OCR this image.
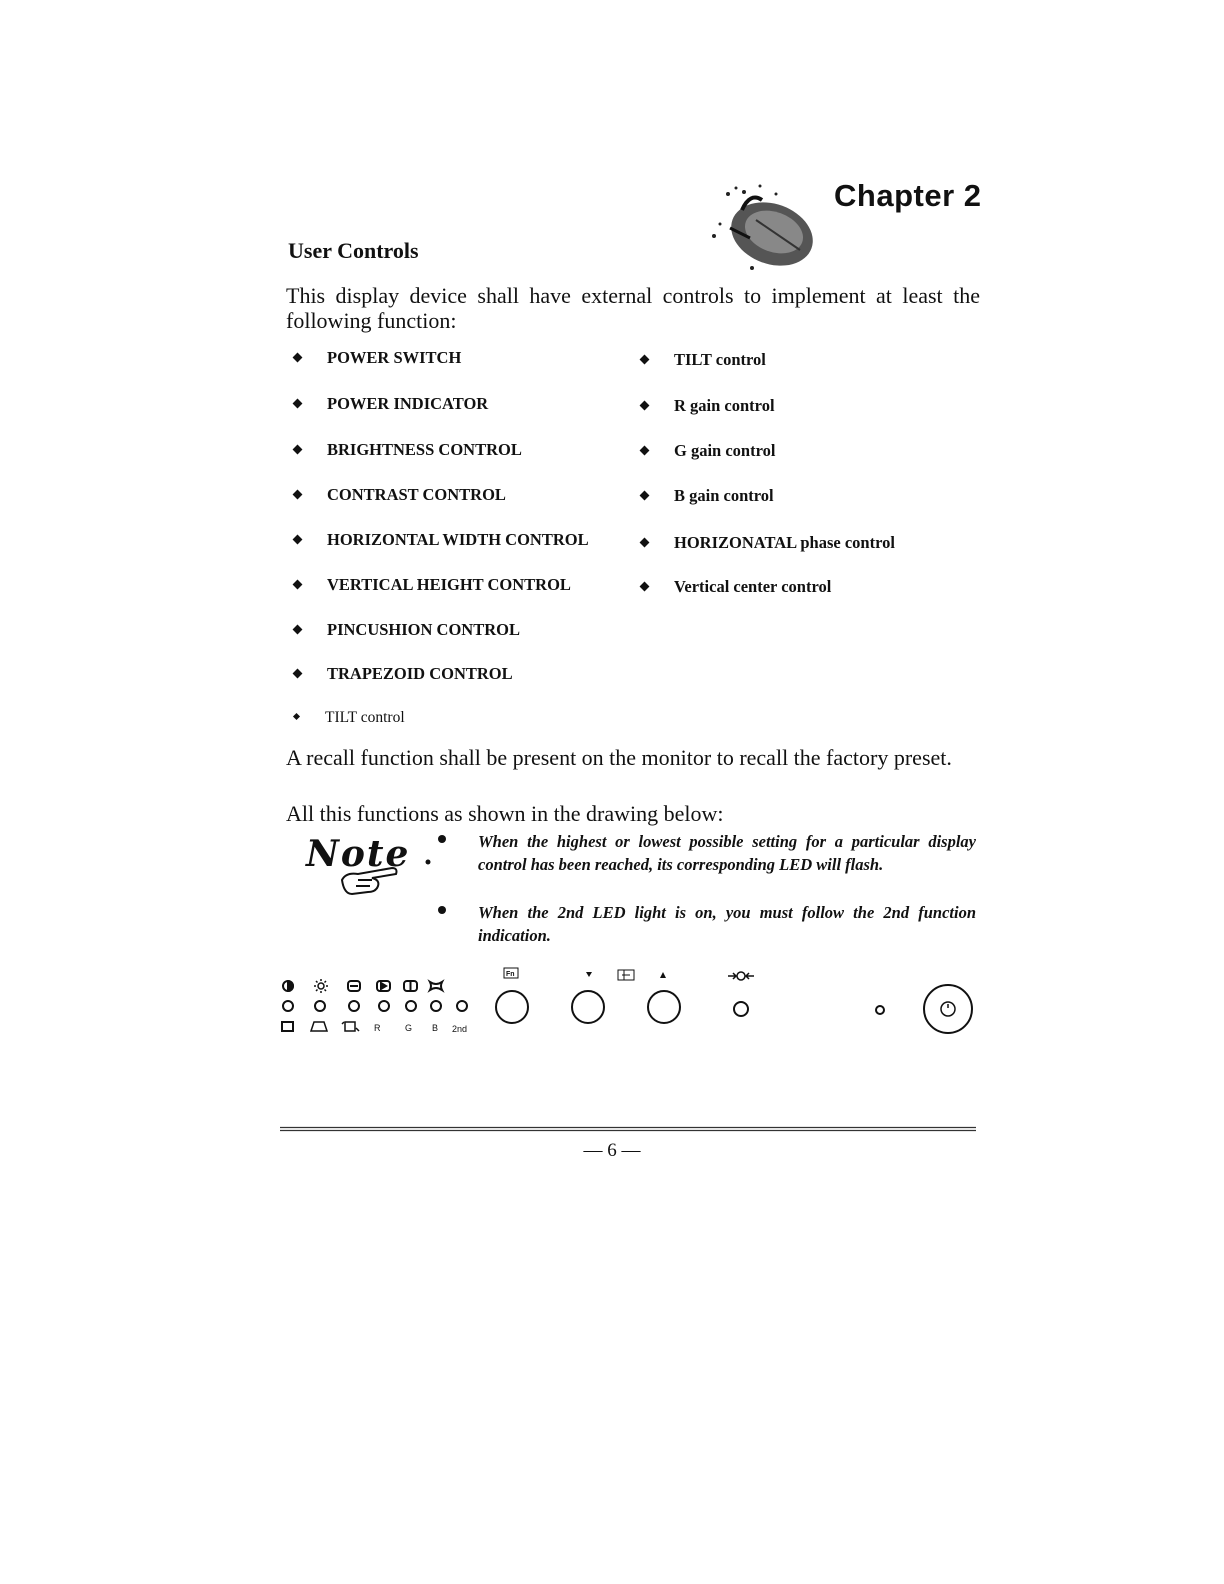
Chapter 2
User Controls
This display device shall have external controls to implement at least the following function:
POWER SWITCH
POWER INDICATOR
BRIGHTNESS CONTROL
CONTRAST CONTROL
HORIZONTAL WIDTH CONTROL
VERTICAL HEIGHT CONTROL
PINCUSHION CONTROL
TRAPEZOID CONTROL
TILT control
TILT control
R gain control
G gain control
B gain control
HORIZONATAL phase control
Vertical center control
A recall function shall be present on the monitor to recall the factory preset.
All this functions as shown in the drawing below:
Note	When the highest or lowest possible setting for a particular display control has been reached, its corresponding LED will flash.
When the 2nd LED light is on, you must follow the 2nd function indication.
Fn
R	G B 2nd
— 6 —
